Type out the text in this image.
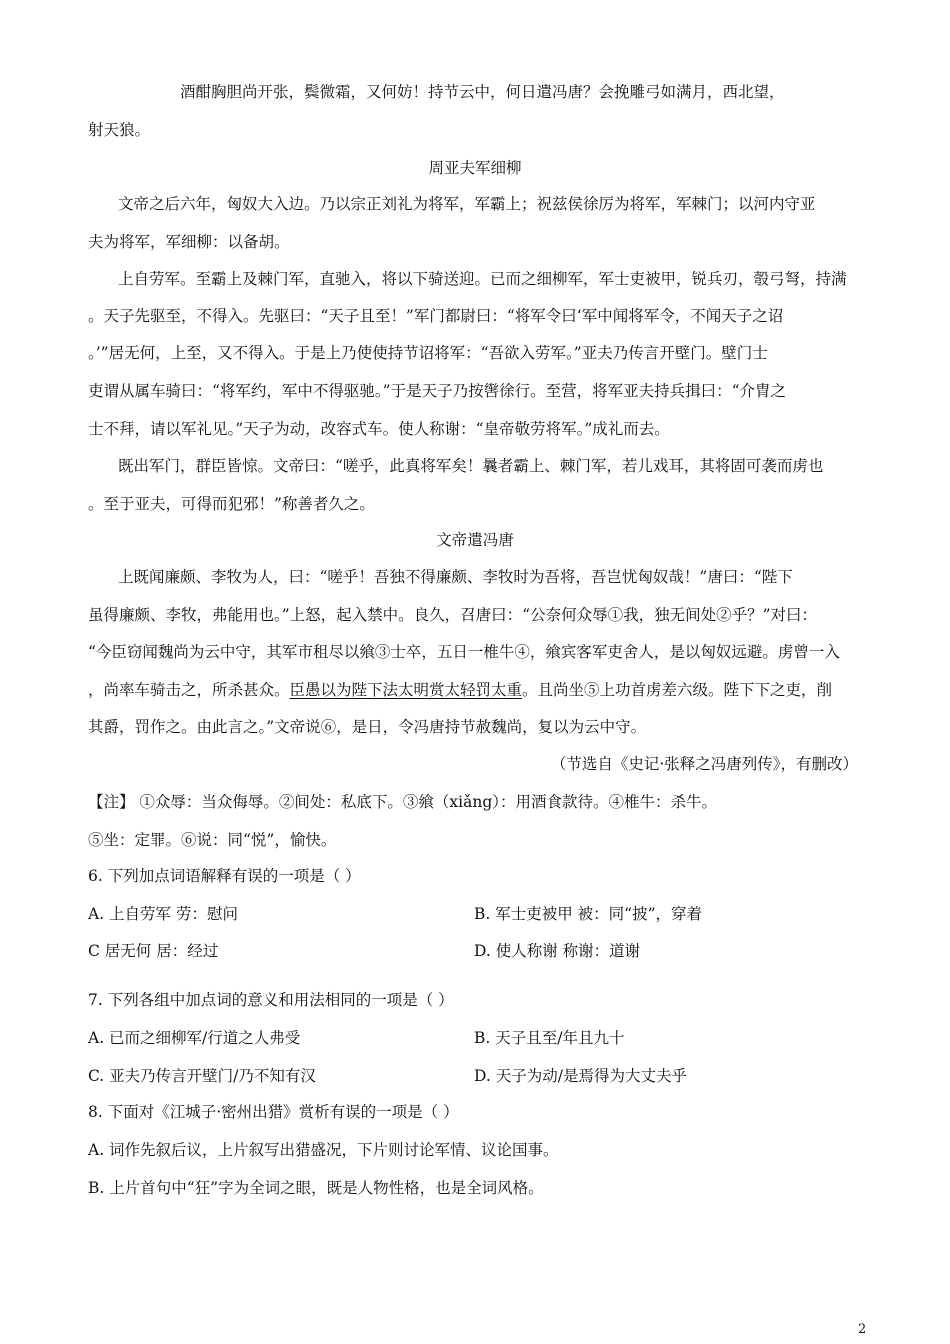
酒酣胸胆尚开张，鬓微霜，又何妨！持节云中，何日遣冯唐？会挽雕弓如满月，西北望，
射天狼。
周亚夫军细柳
文帝之后六年，匈奴大入边。乃以宗正刘礼为将军，军霸上；祝兹侯徐厉为将军，军棘门；以河内守亚
夫为将军，军细柳：以备胡。
上自劳军。至霸上及棘门军，直驰入，将以下骑送迎。已而之细柳军，军士吏被甲，锐兵刃，彀弓弩，持满
。天子先驱至，不得入。先驱曰：“天子且至！”军门都尉曰：“将军令曰‘军中闻将军令，不闻天子之诏
。’”居无何，上至，又不得入。于是上乃使使持节诏将军：“吾欲入劳军。”亚夫乃传言开壁门。壁门士
吏谓从属车骑曰：“将军约，军中不得驱驰。”于是天子乃按辔徐行。至营，将军亚夫持兵揖曰：“介胄之
士不拜，请以军礼见。”天子为动，改容式车。使人称谢：“皇帝敬劳将军。”成礼而去。
既出军门，群臣皆惊。文帝曰：“嗟乎，此真将军矣！曩者霸上、棘门军，若儿戏耳，其将固可袭而虏也
。至于亚夫，可得而犯邪！”称善者久之。
文帝遣冯唐
上既闻廉颇、李牧为人，曰：“嗟乎！吾独不得廉颇、李牧时为吾将，吾岂忧匈奴哉！”唐曰：“陛下
虽得廉颇、李牧，弗能用也。”上怒，起入禁中。良久，召唐曰：“公奈何众辱①我，独无间处②乎？”对曰：
“今臣窃闻魏尚为云中守，其军市租尽以飨③士卒，五日一椎牛④，飨宾客军吏舍人，是以匈奴远避。虏曾一入
，尚率车骑击之，所杀甚众。臣愚以为陛下法太明赏太轻罚太重。且尚坐⑤上功首虏差六级。陛下下之吏，削
其爵，罚作之。由此言之。”文帝说⑥，是日，令冯唐持节赦魏尚，复以为云中守。
（节选自《史记·张释之冯唐列传》，有删改）
【注】 ①众辱：当众侮辱。②间处：私底下。③飨（xiǎng）：用酒食款待。④椎牛：杀牛。
⑤坐：定罪。⑥说：同“悦”，愉快。
6. 下列加点词语解释有误的一项是（ ）
A. 上自劳军 劳：慰问	B. 军士吏被甲 被：同“披”，穿着
C 居无何 居：经过	D. 使人称谢 称谢：道谢
7. 下列各组中加点词的意义和用法相同的一项是（ ）
A. 已而之细柳军/行道之人弗受	B. 天子且至/年且九十
C. 亚夫乃传言开壁门/乃不知有汉	D. 天子为动/是焉得为大丈夫乎
8. 下面对《江城子·密州出猎》赏析有误的一项是（ ）
A. 词作先叙后议，上片叙写出猎盛况，下片则讨论军情、议论国事。
B. 上片首句中“狂”字为全词之眼，既是人物性格，也是全词风格。
2
